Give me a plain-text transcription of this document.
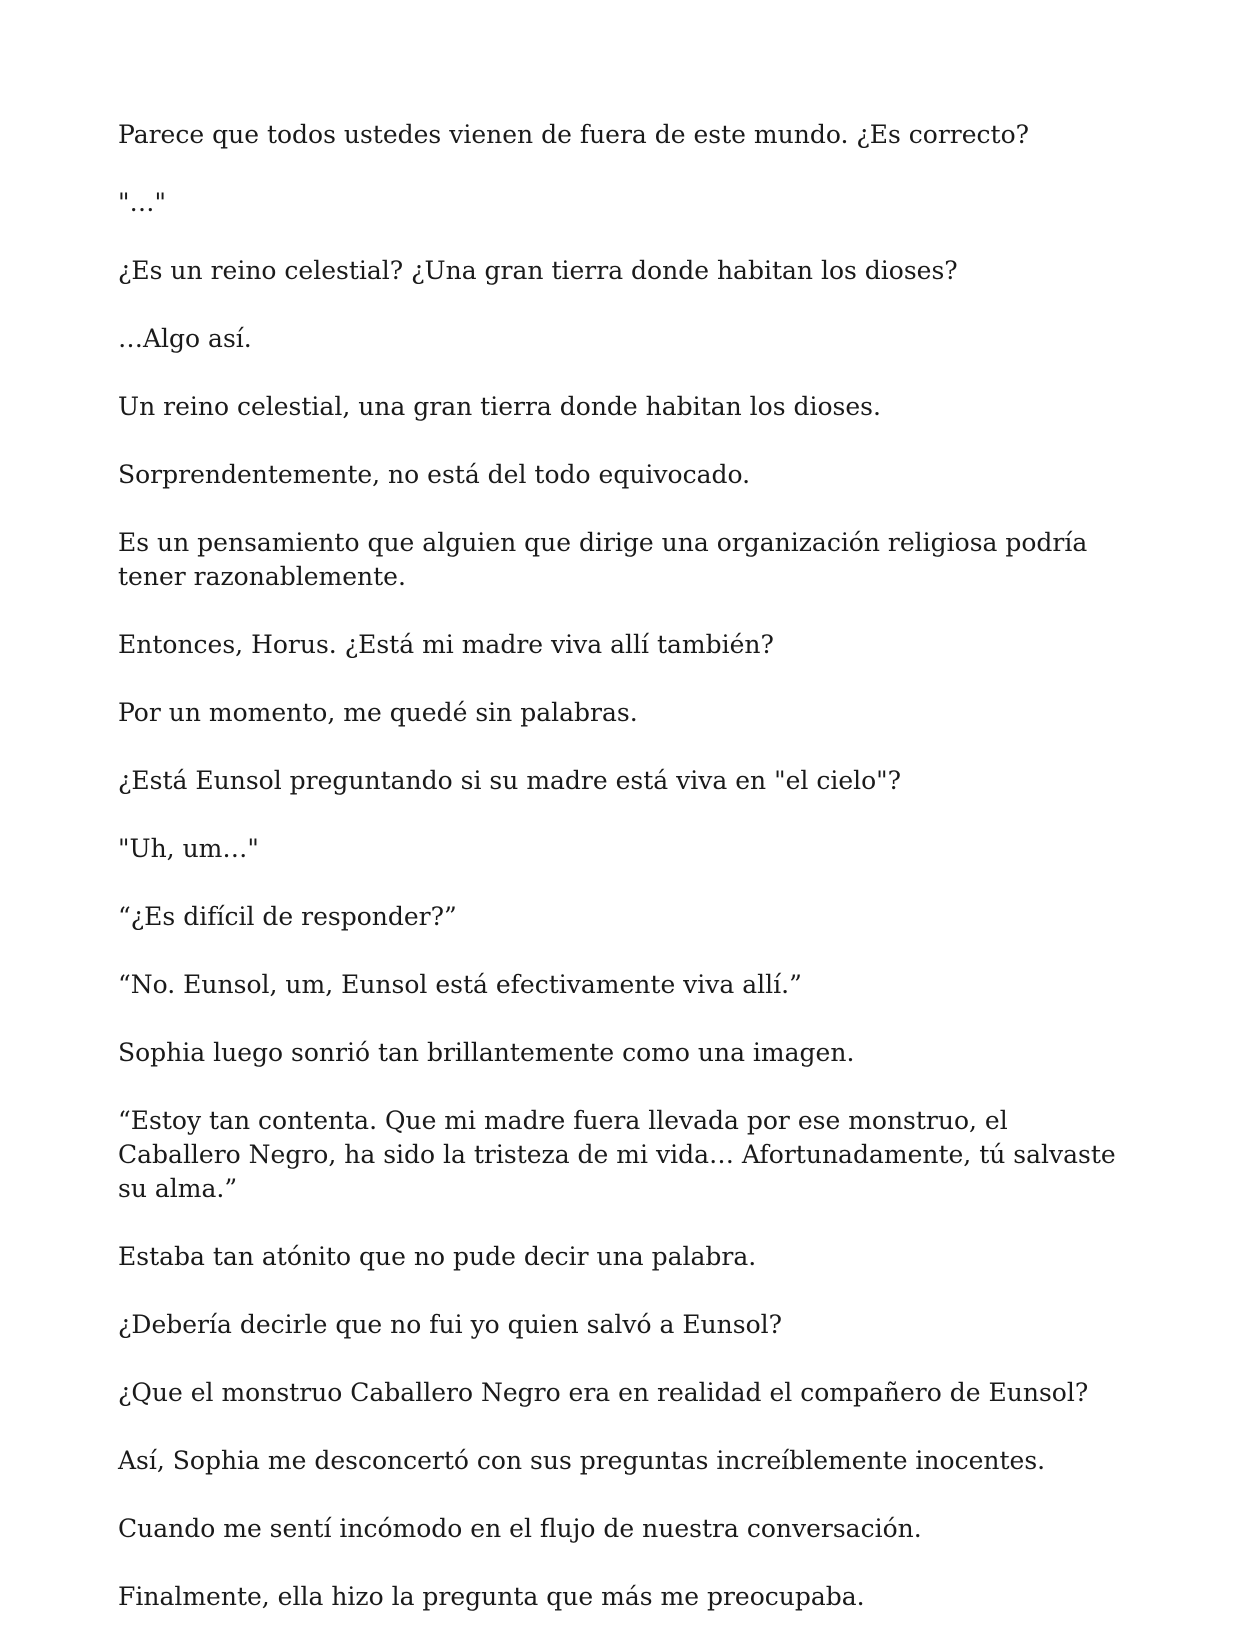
Parece que todos ustedes vienen de fuera de este mundo. ¿Es correcto?

"…"

¿Es un reino celestial? ¿Una gran tierra donde habitan los dioses?

…Algo así.

Un reino celestial, una gran tierra donde habitan los dioses.

Sorprendentemente, no está del todo equivocado.

Es un pensamiento que alguien que dirige una organización religiosa podría tener razonablemente.

Entonces, Horus. ¿Está mi madre viva allí también?

Por un momento, me quedé sin palabras.

¿Está Eunsol preguntando si su madre está viva en "el cielo"?

"Uh, um…"

“¿Es difícil de responder?”

“No. Eunsol, um, Eunsol está efectivamente viva allí.”

Sophia luego sonrió tan brillantemente como una imagen.

“Estoy tan contenta. Que mi madre fuera llevada por ese monstruo, el Caballero Negro, ha sido la tristeza de mi vida… Afortunadamente, tú salvaste su alma.”

Estaba tan atónito que no pude decir una palabra.

¿Debería decirle que no fui yo quien salvó a Eunsol?

¿Que el monstruo Caballero Negro era en realidad el compañero de Eunsol?

Así, Sophia me desconcertó con sus preguntas increíblemente inocentes.

Cuando me sentí incómodo en el flujo de nuestra conversación.

Finalmente, ella hizo la pregunta que más me preocupaba.
